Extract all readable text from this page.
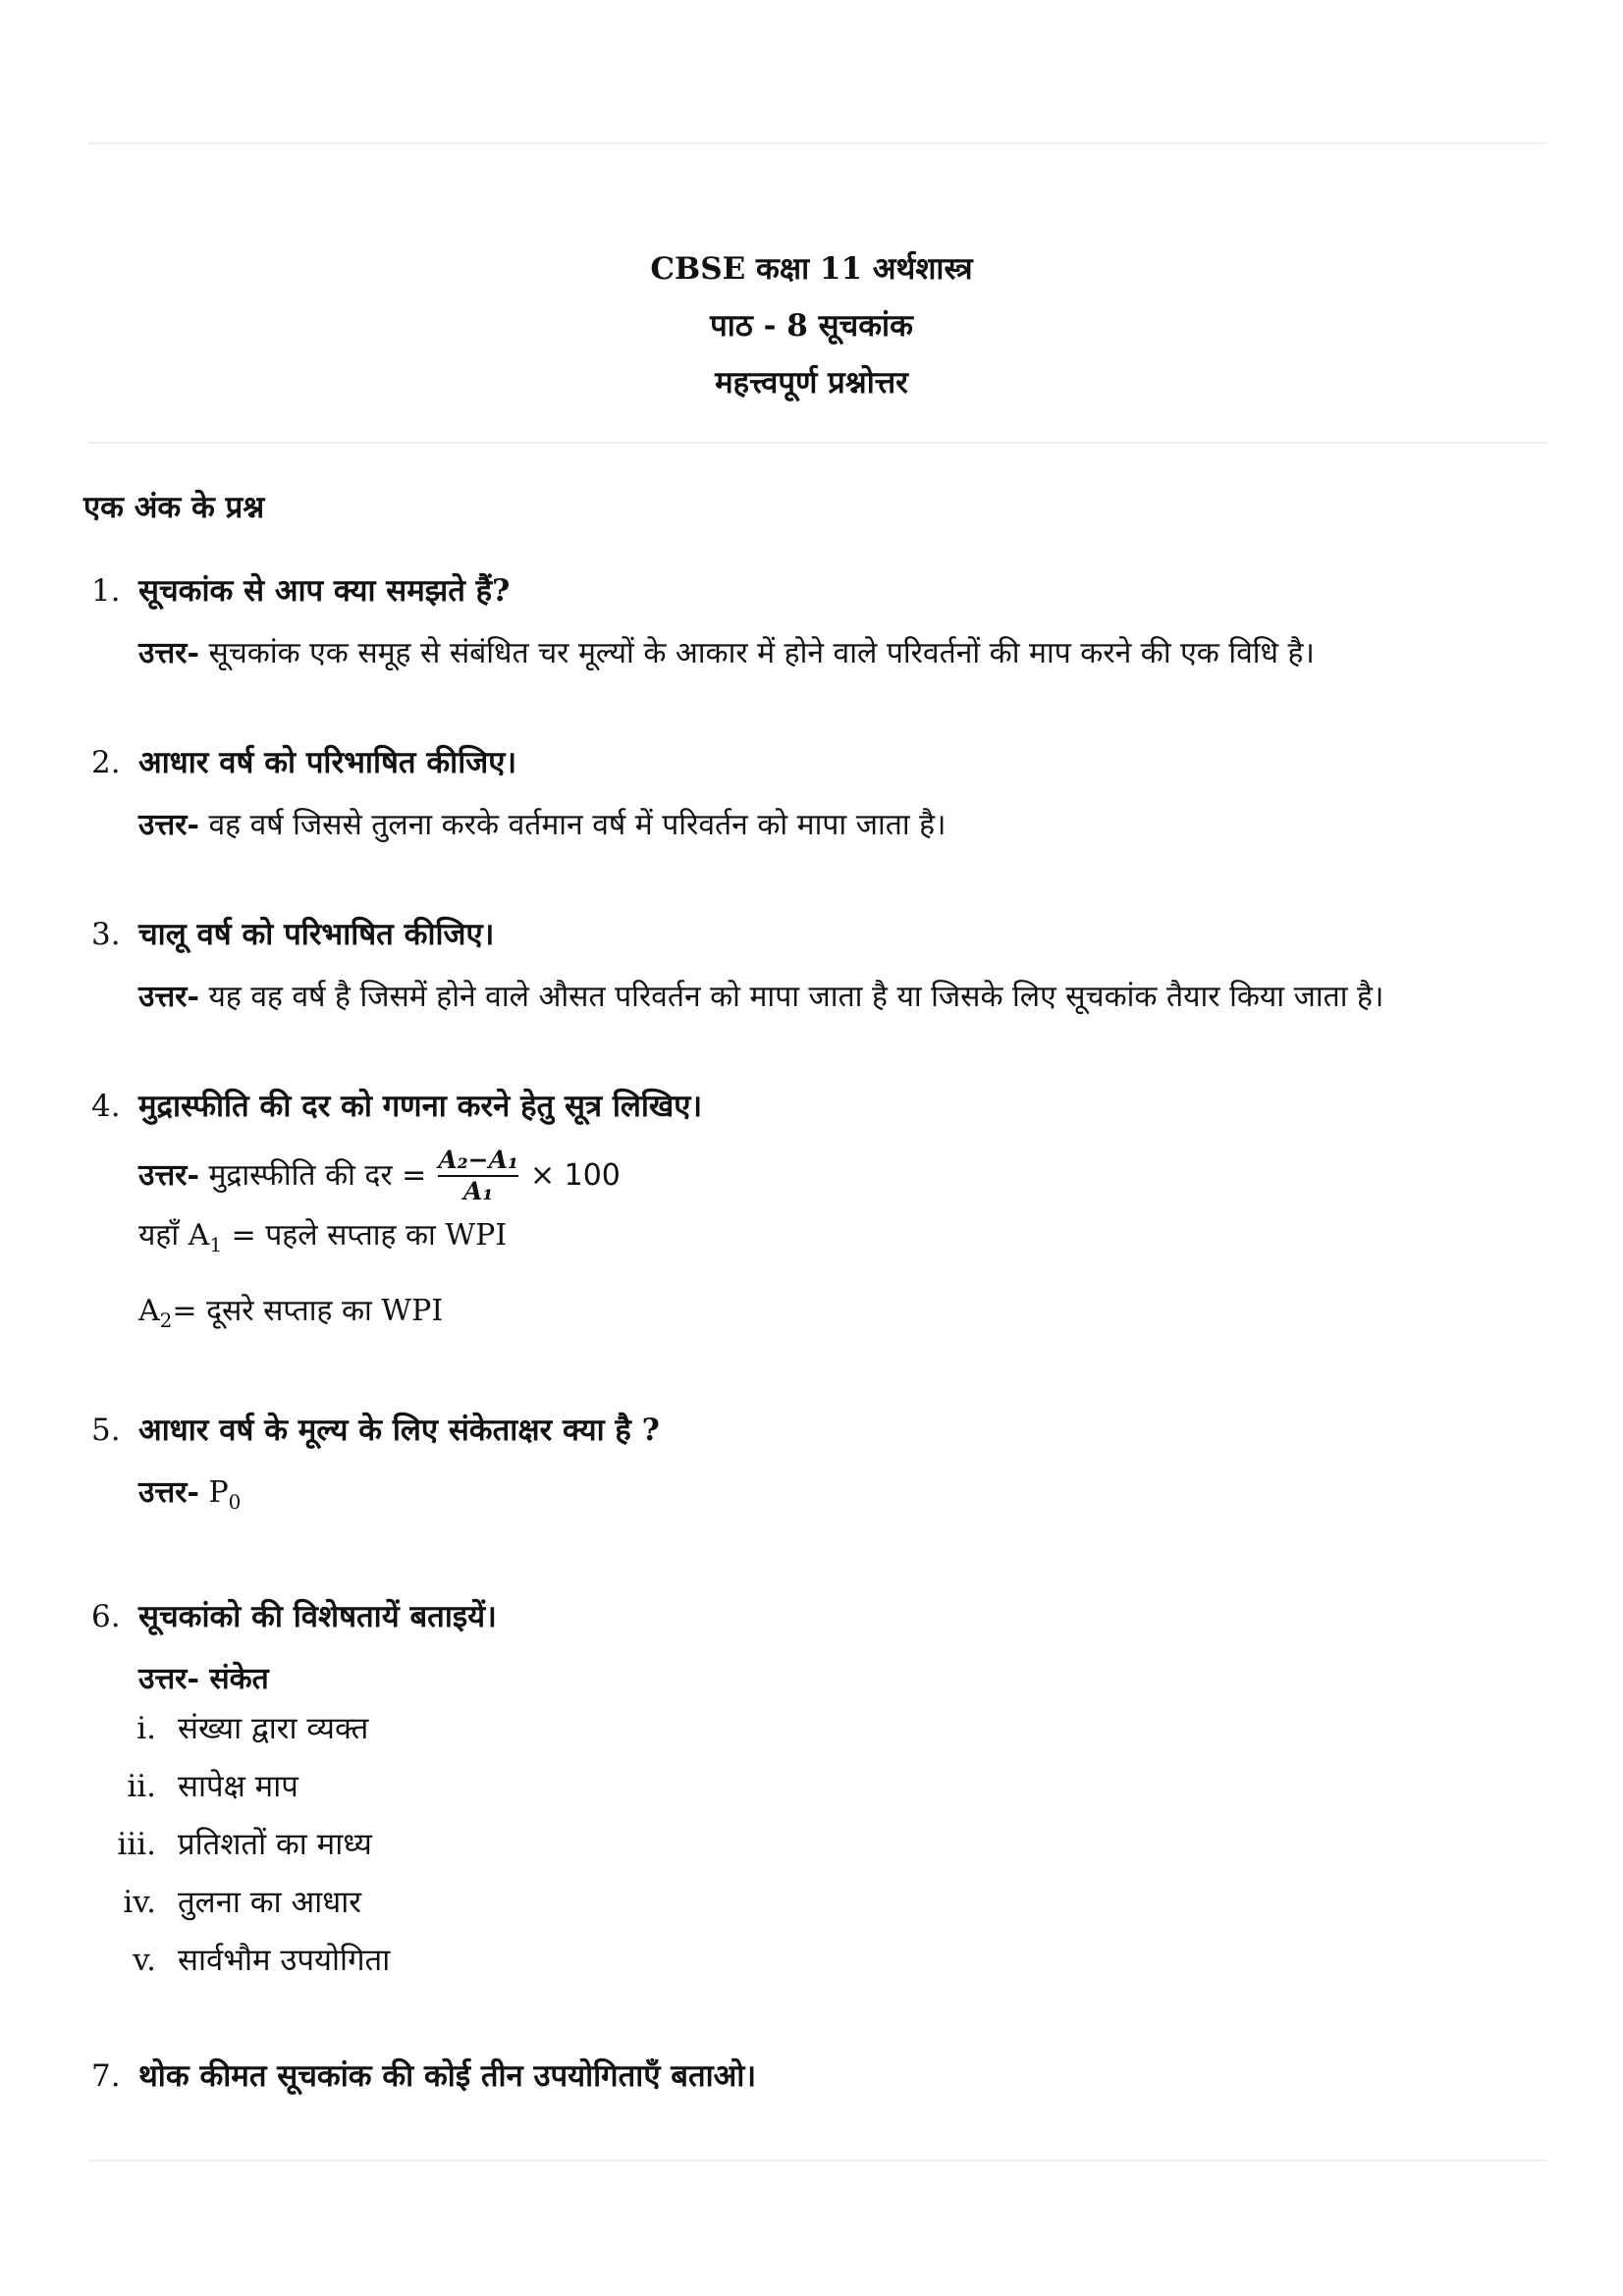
CBSE कक्षा 11 अर्थशास्त्र
पाठ - 8 सूचकांक
महत्त्वपूर्ण प्रश्नोत्तर
एक अंक के प्रश्न
1. सूचकांक से आप क्या समझते हैं?
उत्तर- सूचकांक एक समूह से संबंधित चर मूल्यों के आकार में होने वाले परिवर्तनों की माप करने की एक विधि है।
2. आधार वर्ष को परिभाषित कीजिए।
उत्तर- वह वर्ष जिससे तुलना करके वर्तमान वर्ष में परिवर्तन को मापा जाता है।
3. चालू वर्ष को परिभाषित कीजिए।
उत्तर- यह वह वर्ष है जिसमें होने वाले औसत परिवर्तन को मापा जाता है या जिसके लिए सूचकांक तैयार किया जाता है।
4. मुद्रास्फीति की दर को गणना करने हेतु सूत्र लिखिए।
उत्तर-
मुद्रास्फीति की दर
= $\frac{\text{A₂−A₁}}{\text{A₁}} \times 100$
यहाँ $A_1$ = पहले सप्ताह का WPI
$A_2=$ दूसरे सप्ताह का WPI
5. आधार वर्ष के मूल्य के लिए संकेताक्षर क्या है ?
उत्तर- $P_0$
6. सूचकांको की विशेषतायें बताइयें।
उत्तर- संकेत
i. संख्या द्वारा व्यक्त
ii. सापेक्ष माप
iii. प्रतिशतों का माध्य
iv. तुलना का आधार
v. सार्वभौम उपयोगिता
7. थोक कीमत सूचकांक की कोई तीन उपयोगिताएँ बताओ।
